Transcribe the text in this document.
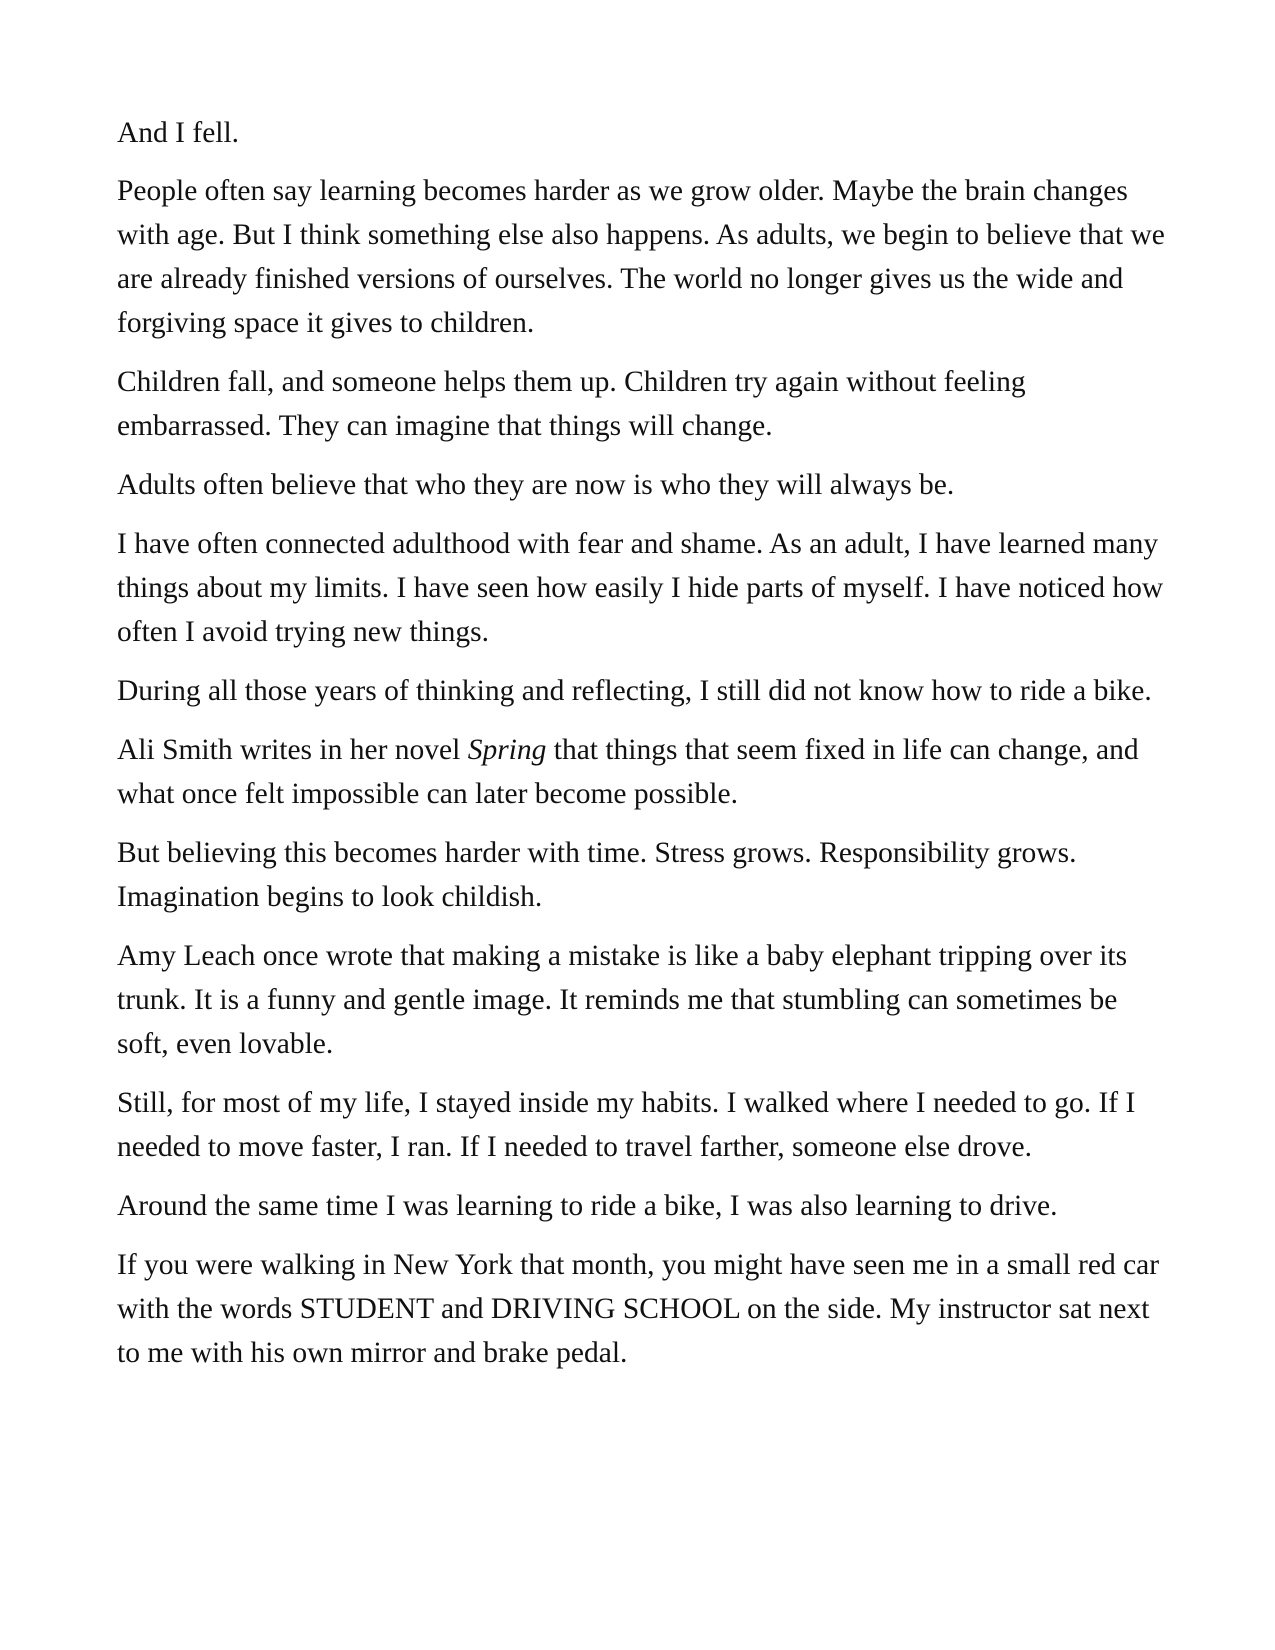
And I fell.

People often say learning becomes harder as we grow older. Maybe the brain changes with age. But I think something else also happens. As adults, we begin to believe that we are already finished versions of ourselves. The world no longer gives us the wide and forgiving space it gives to children.

Children fall, and someone helps them up. Children try again without feeling embarrassed. They can imagine that things will change.

Adults often believe that who they are now is who they will always be.

I have often connected adulthood with fear and shame. As an adult, I have learned many things about my limits. I have seen how easily I hide parts of myself. I have noticed how often I avoid trying new things.

During all those years of thinking and reflecting, I still did not know how to ride a bike.

Ali Smith writes in her novel Spring that things that seem fixed in life can change, and what once felt impossible can later become possible.

But believing this becomes harder with time. Stress grows. Responsibility grows. Imagination begins to look childish.

Amy Leach once wrote that making a mistake is like a baby elephant tripping over its trunk. It is a funny and gentle image. It reminds me that stumbling can sometimes be soft, even lovable.

Still, for most of my life, I stayed inside my habits. I walked where I needed to go. If I needed to move faster, I ran. If I needed to travel farther, someone else drove.

Around the same time I was learning to ride a bike, I was also learning to drive.

If you were walking in New York that month, you might have seen me in a small red car with the words STUDENT and DRIVING SCHOOL on the side. My instructor sat next to me with his own mirror and brake pedal.
